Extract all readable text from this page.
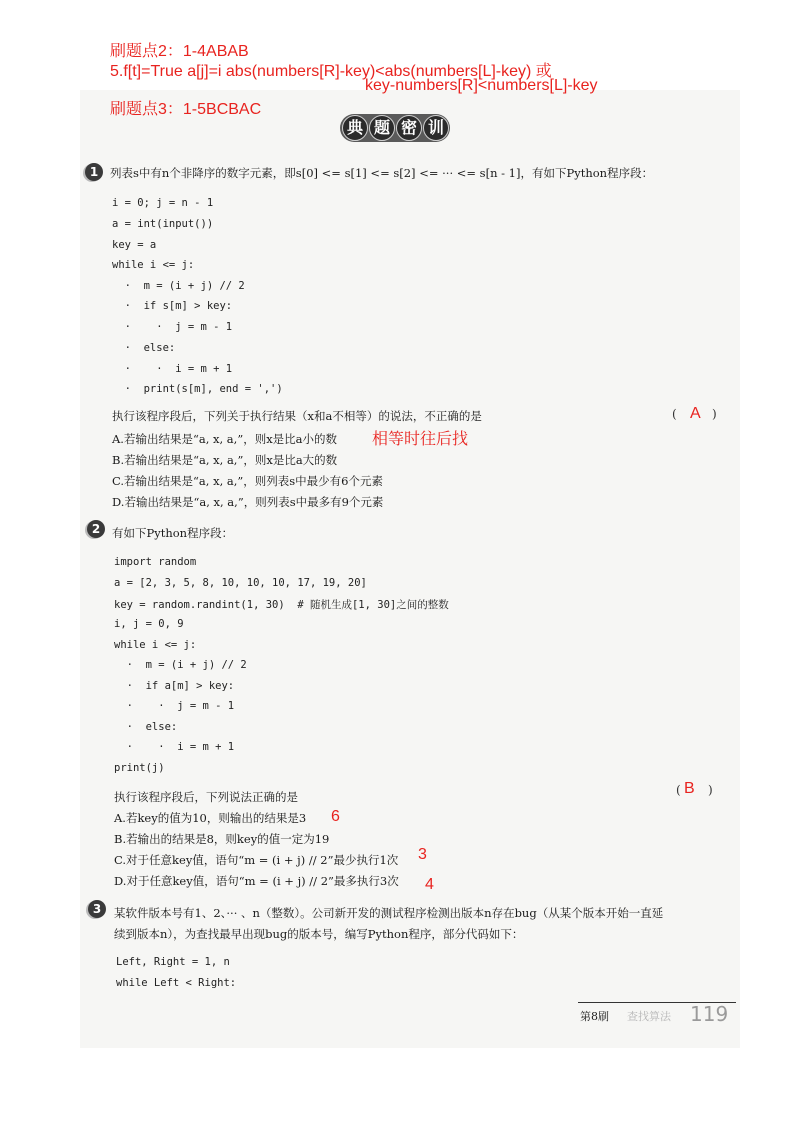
刷题点2：1-4ABAB
5.f[t]=True a[j]=i abs(numbers[R]-key)<abs(numbers[L]-key) 或
key-numbers[R]<numbers[L]-key
刷题点3：1-5BCBAC
典 题 密 训
1	列表s中有n个非降序的数字元素，即s[0] <= s[1] <= s[2] <= ··· <= s[n - 1]，有如下Python程序段：
i = 0; j = n - 1
a = int(input())
key = a
while i <= j:
·  m = (i + j) // 2
·  if s[m] > key:
·    ·  j = m - 1
·  else:
·    ·  i = m + 1
·  print(s[m], end = ',')
执行该程序段后，下列关于执行结果（x和a不相等）的说法，不正确的是	( A )
A.若输出结果是“a, x, a,”，则x是比a小的数 相等时往后找
B.若输出结果是“a, x, a,”，则x是比a大的数
C.若输出结果是“a, x, a,”，则列表s中最少有6个元素
D.若输出结果是“a, x, a,”，则列表s中最多有9个元素
2	有如下Python程序段：
import random
a = [2, 3, 5, 8, 10, 10, 10, 17, 19, 20]
key = random.randint(1, 30)  # 随机生成[1, 30]之间的整数
i, j = 0, 9
while i <= j:
·  m = (i + j) // 2
·  if a[m] > key:
·    ·  j = m - 1
·  else:
·    ·  i = m + 1
print(j)
执行该程序段后，下列说法正确的是	( B )
A.若key的值为10，则输出的结果是3 6
B.若输出的结果是8，则key的值一定为19
C.对于任意key值，语句“m = (i + j) // 2”最少执行1次 3
D.对于任意key值，语句“m = (i + j) // 2”最多执行3次 4
3	某软件版本号有1、2、··· 、n（整数）。公司新开发的测试程序检测出版本n存在bug（从某个版本开始一直延
续到版本n），为查找最早出现bug的版本号，编写Python程序，部分代码如下：
Left, Right = 1, n
while Left < Right:
第8刷 查找算法 119
